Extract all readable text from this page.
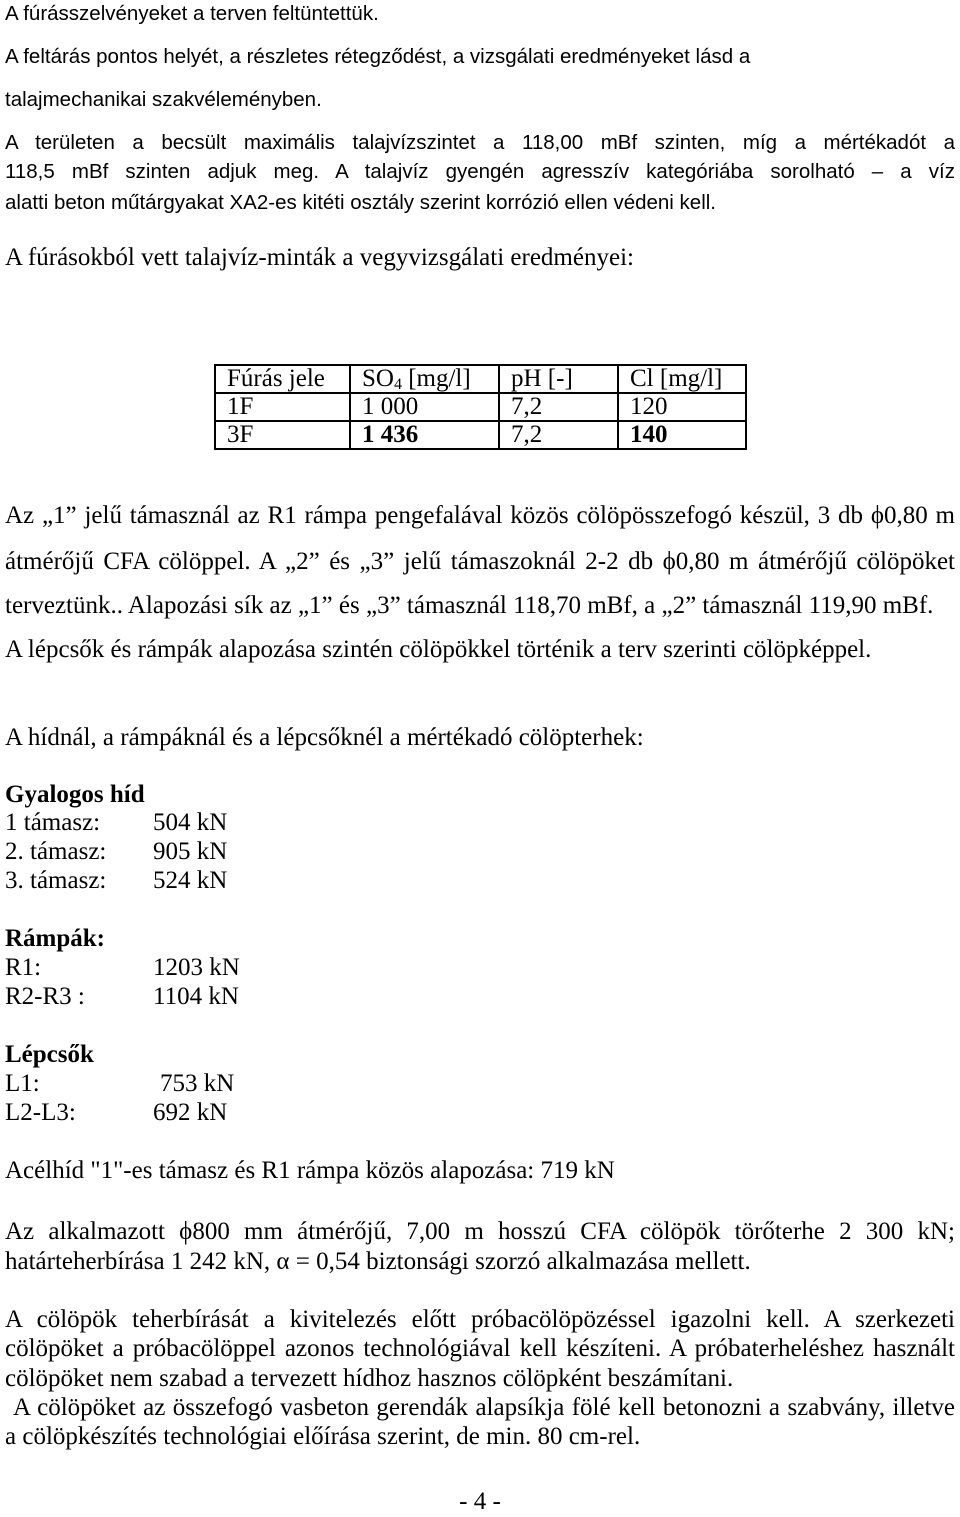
A fúrásszelvényeket a terven feltüntettük.
A feltárás pontos helyét, a részletes rétegződést, a vizsgálati eredményeket lásd a
talajmechanikai szakvéleményben.
A területen a becsült maximális talajvízszintet a 118,00 mBf szinten, míg a mértékadót a
118,5 mBf szinten adjuk meg. A talajvíz gyengén agresszív kategóriába sorolható – a víz
alatti beton műtárgyakat XA2-es kitéti osztály szerint korrózió ellen védeni kell.
A fúrásokból vett talajvíz-minták a vegyvizsgálati eredményei:
Fúrás jele	$SO_4$ [mg/l]	pH [-]	Cl [mg/l]
1F	1 000	7,2	120
3F	1 436	7,2	140
Az „1” jelű támasznál az R1 rámpa pengefalával közös cölöpösszefogó készül, 3 db ϕ0,80 m
átmérőjű CFA cölöppel. A „2” és „3” jelű támaszoknál 2-2 db ϕ0,80 m átmérőjű cölöpöket
terveztünk.. Alapozási sík az „1” és „3” támasznál 118,70 mBf, a „2” támasznál 119,90 mBf.
A lépcsők és rámpák alapozása szintén cölöpökkel történik a terv szerinti cölöpképpel.
A hídnál, a rámpáknál és a lépcsőknél a mértékadó cölöpterhek:
Gyalogos híd
1 támasz: 504 kN
2. támasz: 905 kN
3. támasz: 524 kN
Rámpák:
R1:	1203 kN
R2-R3 :	1104 kN
Lépcsők
L1:	753 kN
L2-L3:	692 kN
Acélhíd "1"-es támasz és R1 rámpa közös alapozása: 719 kN
Az alkalmazott ϕ800 mm átmérőjű, 7,00 m hosszú CFA cölöpök törőterhe 2 300 kN;
határteherbírása 1 242 kN, α = 0,54 biztonsági szorzó alkalmazása mellett.
A cölöpök teherbírását a kivitelezés előtt próbacölöpözéssel igazolni kell. A szerkezeti
cölöpöket a próbacölöppel azonos technológiával kell készíteni. A próbaterheléshez használt
cölöpöket nem szabad a tervezett hídhoz hasznos cölöpként beszámítani.
A cölöpöket az összefogó vasbeton gerendák alapsíkja fölé kell betonozni a szabvány, illetve
a cölöpkészítés technológiai előírása szerint, de min. 80 cm-rel.
- 4 -
